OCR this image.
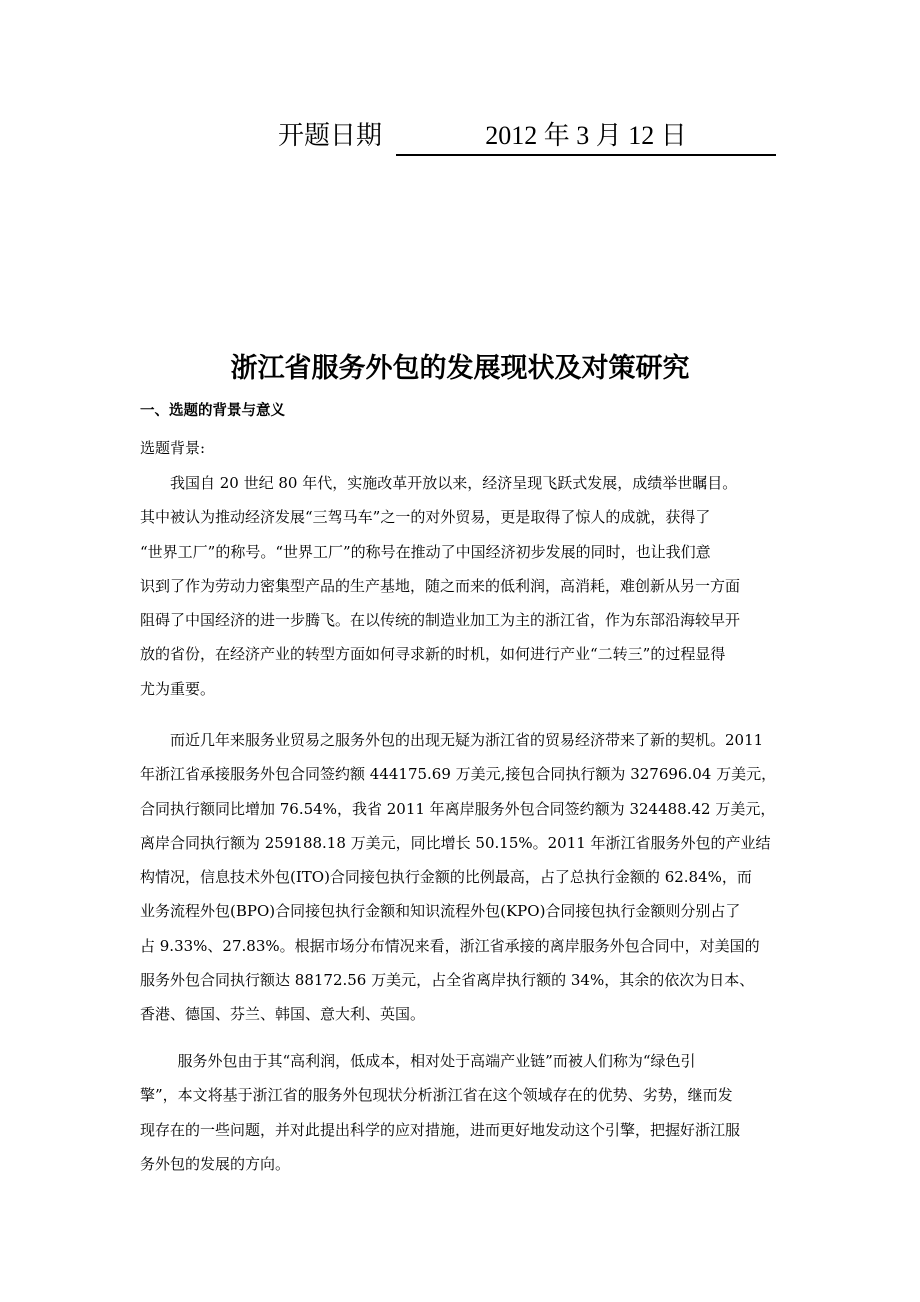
开题日期	2012 年 3 月 12 日
浙江省服务外包的发展现状及对策研究
一、选题的背景与意义
选题背景:

我国自 20 世纪 80 年代，实施改革开放以来，经济呈现飞跃式发展，成绩举世瞩目。

其中被认为推动经济发展“三驾马车”之一的对外贸易，更是取得了惊人的成就，获得了
“世界工厂”的称号。“世界工厂”的称号在推动了中国经济初步发展的同时，也让我们意
识到了作为劳动力密集型产品的生产基地，随之而来的低利润，高消耗，难创新从另一方面
阻碍了中国经济的进一步腾飞。在以传统的制造业加工为主的浙江省，作为东部沿海较早开
放的省份，在经济产业的转型方面如何寻求新的时机，如何进行产业“二转三”的过程显得
尤为重要。

而近几年来服务业贸易之服务外包的出现无疑为浙江省的贸易经济带来了新的契机。2011

年浙江省承接服务外包合同签约额 444175.69 万美元,接包合同执行额为 327696.04 万美元，
合同执行额同比增加 76.54%，我省 2011 年离岸服务外包合同签约额为 324488.42 万美元，
离岸合同执行额为 259188.18 万美元，同比增长 50.15%。2011 年浙江省服务外包的产业结
构情况，信息技术外包(ITO)合同接包执行金额的比例最高，占了总执行金额的 62.84%，而
业务流程外包(BPO)合同接包执行金额和知识流程外包(KPO)合同接包执行金额则分别占了
占 9.33%、27.83%。根据市场分布情况来看，浙江省承接的离岸服务外包合同中，对美国的
服务外包合同执行额达 88172.56 万美元，占全省离岸执行额的 34%，其余的依次为日本、
香港、德国、芬兰、韩国、意大利、英国。

服务外包由于其“高利润，低成本，相对处于高端产业链”而被人们称为“绿色引

擎”，本文将基于浙江省的服务外包现状分析浙江省在这个领域存在的优势、劣势，继而发
现存在的一些问题，并对此提出科学的应对措施，进而更好地发动这个引擎，把握好浙江服
务外包的发展的方向。
